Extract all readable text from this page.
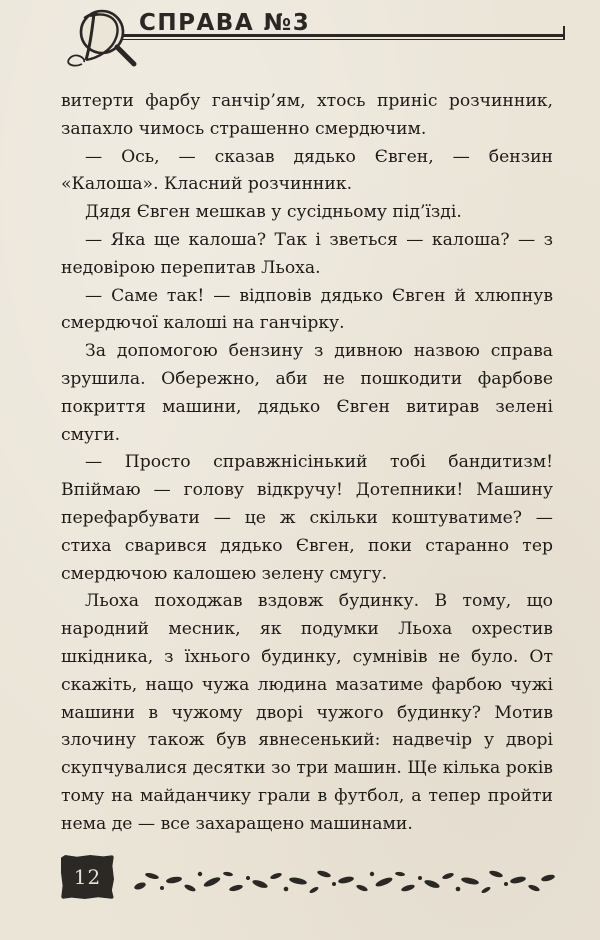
СПРАВА №3

витерти фарбу ганчір’ям, хтось приніс розчинник, запахло чимось страшенно смердючим.

— Ось, — сказав дядько Євген, — бензин «Калоша». Класний розчинник.

Дядя Євген мешкав у сусідньому під’їзді.

— Яка ще калоша? Так і зветься — калоша? — з недовірою перепитав Льоха.

— Саме так! — відповів дядько Євген й хлюпнув смердючої калоші на ганчірку.

За допомогою бензину з дивною назвою справа зрушила. Обережно, аби не пошкодити фарбове покриття машини, дядько Євген витирав зелені смуги.

— Просто справжнісінький тобі бандитизм! Впіймаю — голову відкручу! Дотепники! Машину перефарбувати — це ж скільки коштуватиме? — стиха сварився дядько Євген, поки старанно тер смердючою калошею зелену смугу.

Льоха походжав вздовж будинку. В тому, що народний месник, як подумки Льоха охрестив шкідника, з їхнього будинку, сумнівів не було. От скажіть, нащо чужа людина мазатиме фарбою чужі машини в чужому дворі чужого будинку? Мотив злочину також був явнесенький: надвечір у дворі скупчувалися десятки зо три машин. Ще кілька років тому на майданчику грали в футбол, а тепер пройти нема де — все захаращено машинами.

12
